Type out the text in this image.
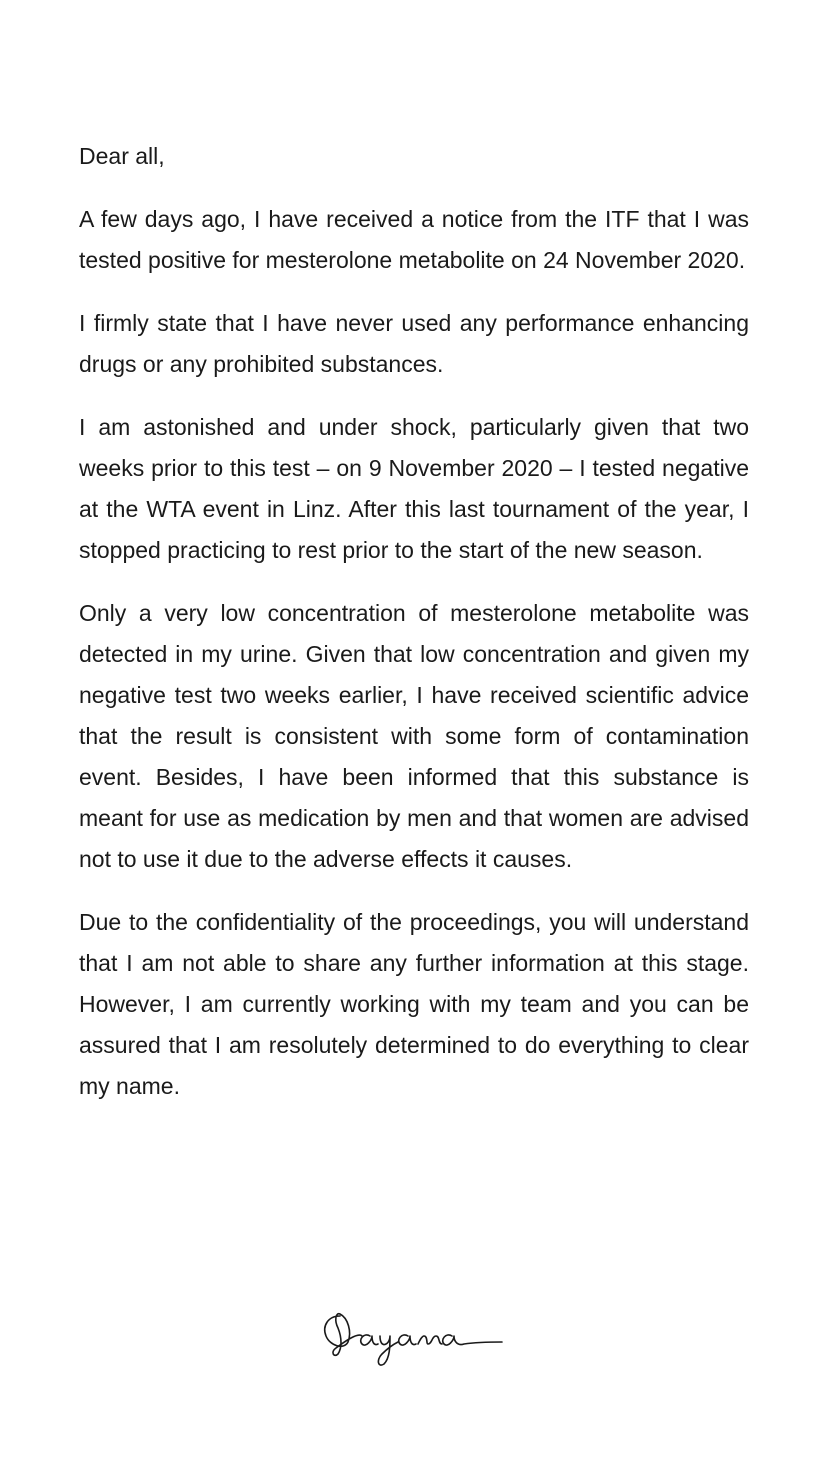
Dear all,

A few days ago, I have received a notice from the ITF that I was tested positive for mesterolone metabolite on 24 November 2020.

I firmly state that I have never used any performance enhancing drugs or any prohibited substances.

I am astonished and under shock, particularly given that two weeks prior to this test – on 9 November 2020 – I tested negative at the WTA event in Linz. After this last tournament of the year, I stopped practicing to rest prior to the start of the new season.

Only a very low concentration of mesterolone metabolite was detected in my urine. Given that low concentration and given my negative test two weeks earlier, I have received scientific advice that the result is consistent with some form of contamination event. Besides, I have been informed that this substance is meant for use as medication by men and that women are advised not to use it due to the adverse effects it causes.

Due to the confidentiality of the proceedings, you will understand that I am not able to share any further information at this stage. However, I am currently working with my team and you can be assured that I am resolutely determined to do everything to clear my name.
